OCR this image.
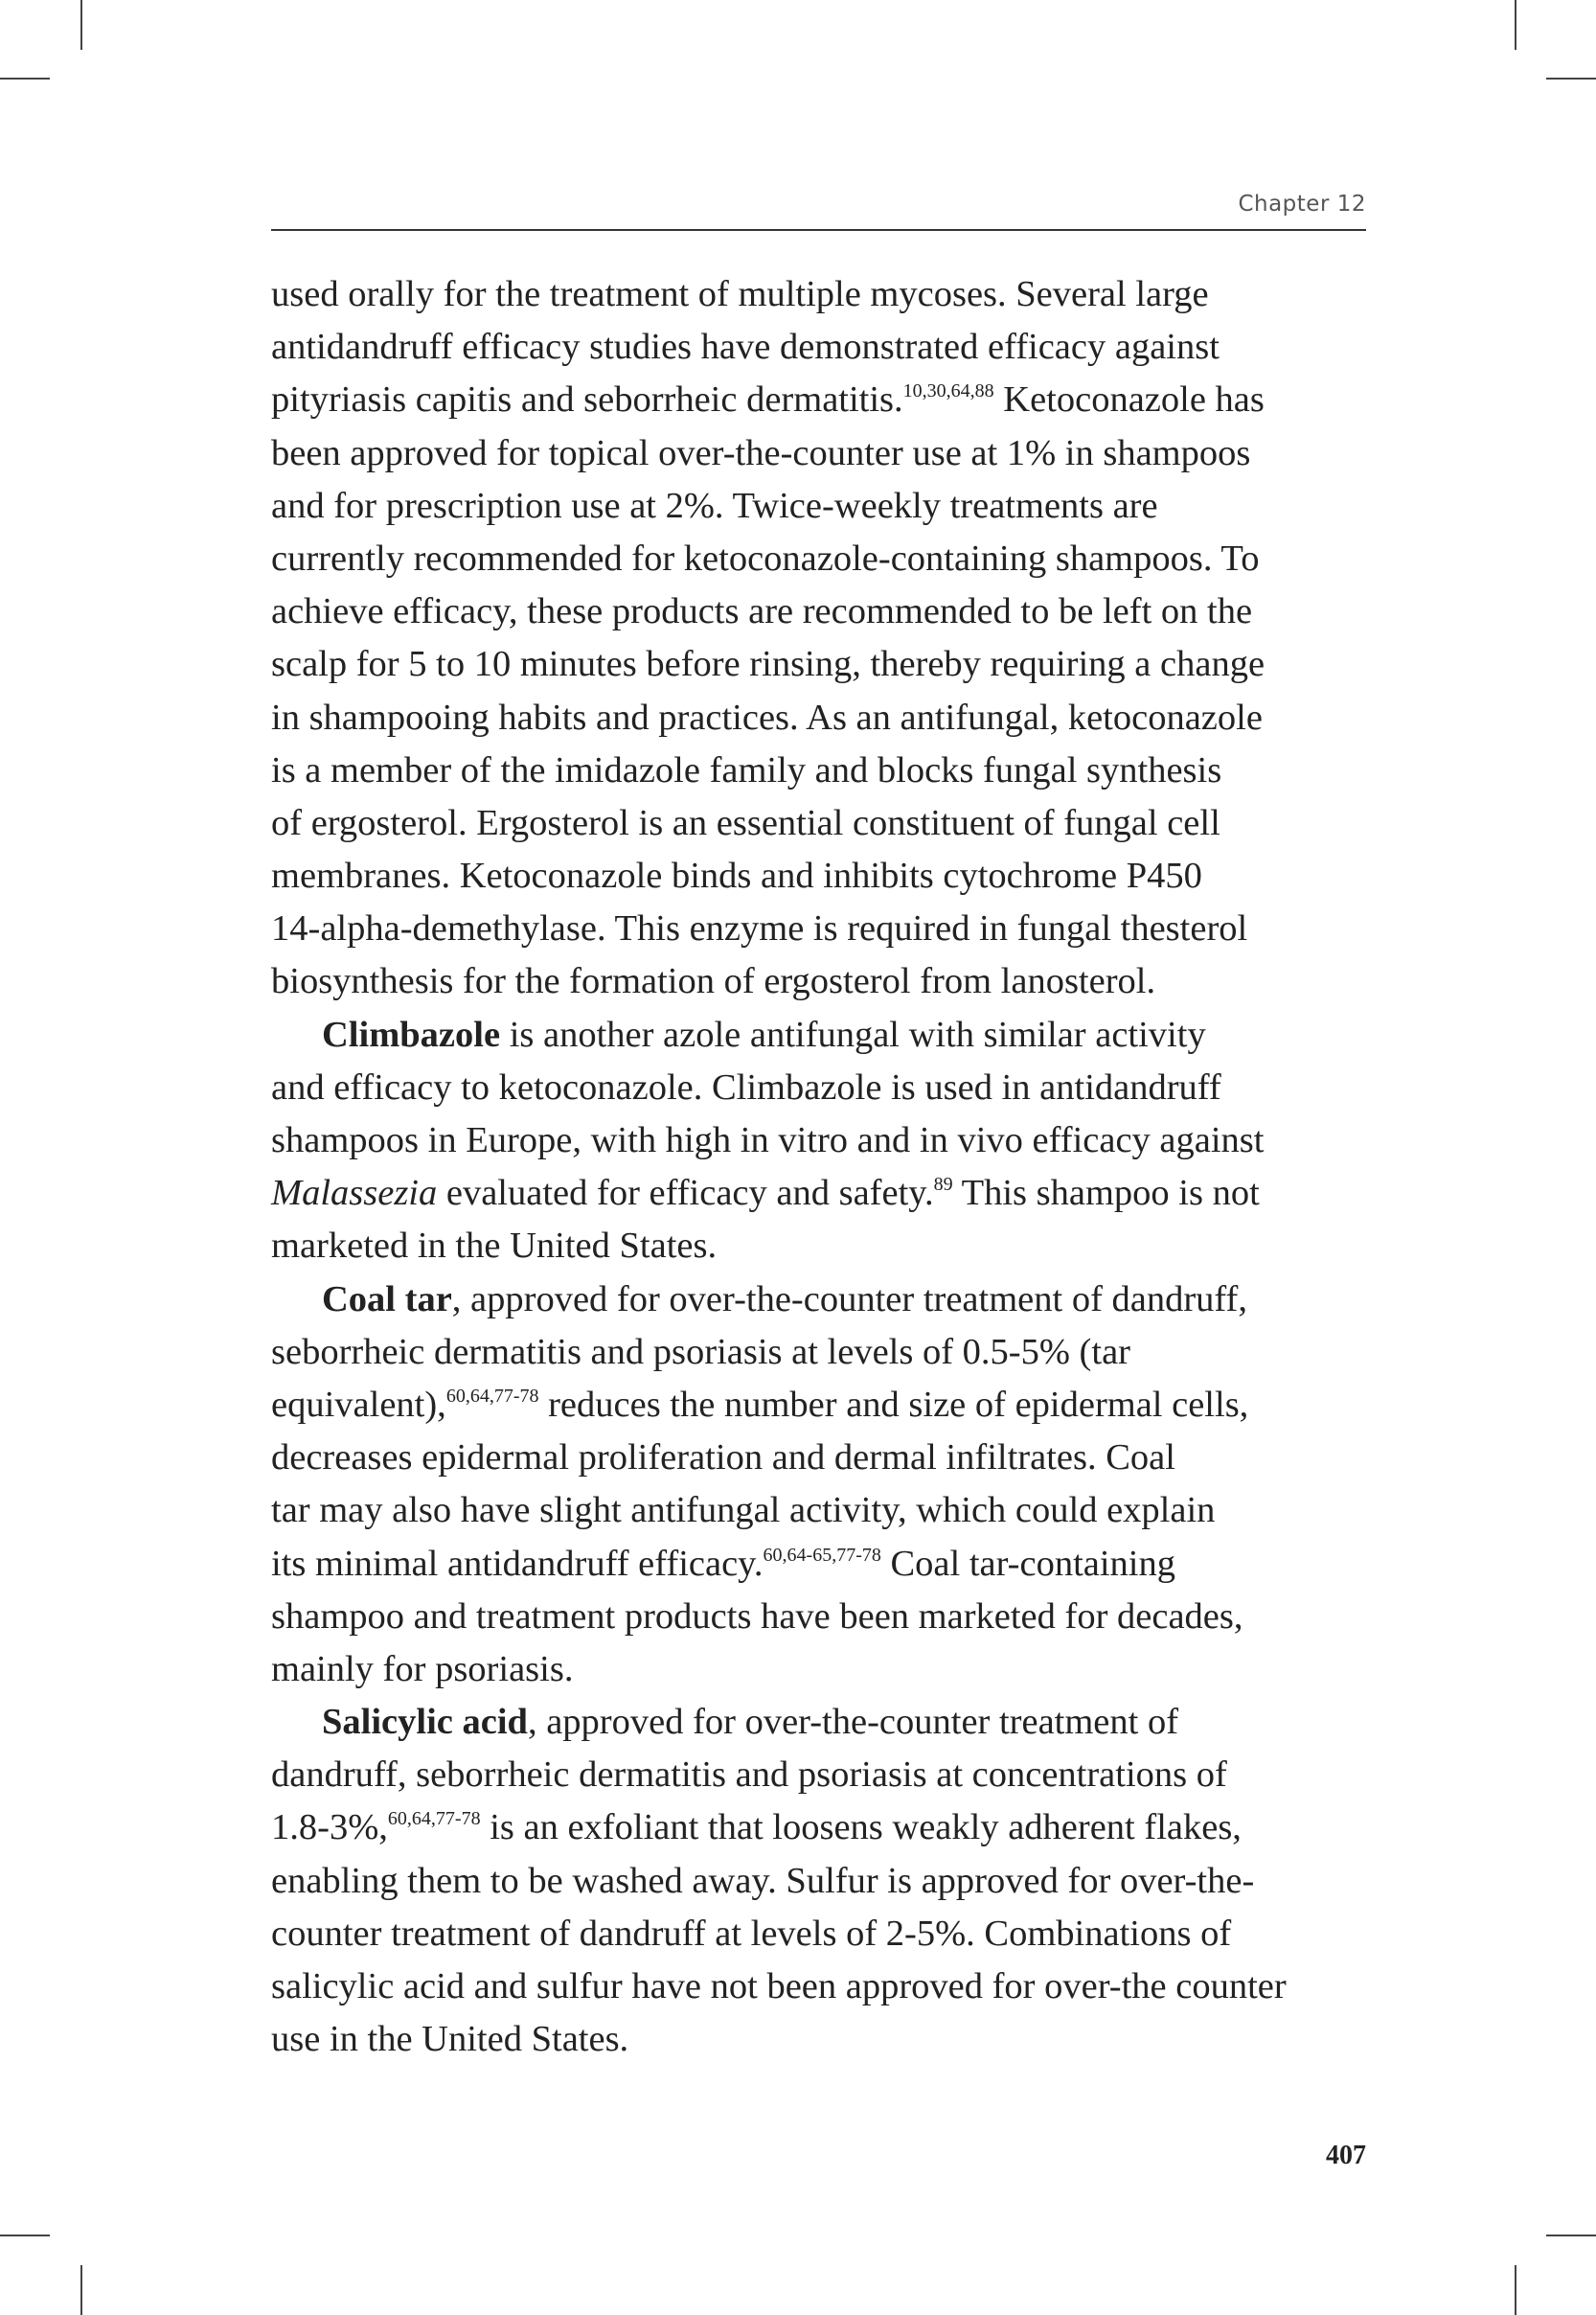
Chapter 12
used orally for the treatment of multiple mycoses. Several large
antidandruff efficacy studies have demonstrated efficacy against
pityriasis capitis and seborrheic dermatitis.$^{10,30,64,88}$ Ketoconazole has
been approved for topical over-the-counter use at 1% in shampoos
and for prescription use at 2%. Twice-weekly treatments are
currently recommended for ketoconazole-containing shampoos. To
achieve efficacy, these products are recommended to be left on the
scalp for 5 to 10 minutes before rinsing, thereby requiring a change
in shampooing habits and practices. As an antifungal, ketoconazole
is a member of the imidazole family and blocks fungal synthesis
of ergosterol. Ergosterol is an essential constituent of fungal cell
membranes. Ketoconazole binds and inhibits cytochrome P450
14-alpha-demethylase. This enzyme is required in fungal thesterol
biosynthesis for the formation of ergosterol from lanosterol.
Climbazole is another azole antifungal with similar activity
and efficacy to ketoconazole. Climbazole is used in antidandruff
shampoos in Europe, with high in vitro and in vivo efficacy against
Malassezia evaluated for efficacy and safety.$^{89}$ This shampoo is not
marketed in the United States.
Coal tar, approved for over-the-counter treatment of dandruff,
seborrheic dermatitis and psoriasis at levels of 0.5-5% (tar
equivalent),$^{60,64,77-78}$ reduces the number and size of epidermal cells,
decreases epidermal proliferation and dermal infiltrates. Coal
tar may also have slight antifungal activity, which could explain
its minimal antidandruff efficacy.$^{60,64-65,77-78}$ Coal tar-containing
shampoo and treatment products have been marketed for decades,
mainly for psoriasis.
Salicylic acid, approved for over-the-counter treatment of
dandruff, seborrheic dermatitis and psoriasis at concentrations of
1.8-3%,$^{60,64,77-78}$ is an exfoliant that loosens weakly adherent flakes,
enabling them to be washed away. Sulfur is approved for over-the-
counter treatment of dandruff at levels of 2-5%. Combinations of
salicylic acid and sulfur have not been approved for over-the counter
use in the United States.
407
